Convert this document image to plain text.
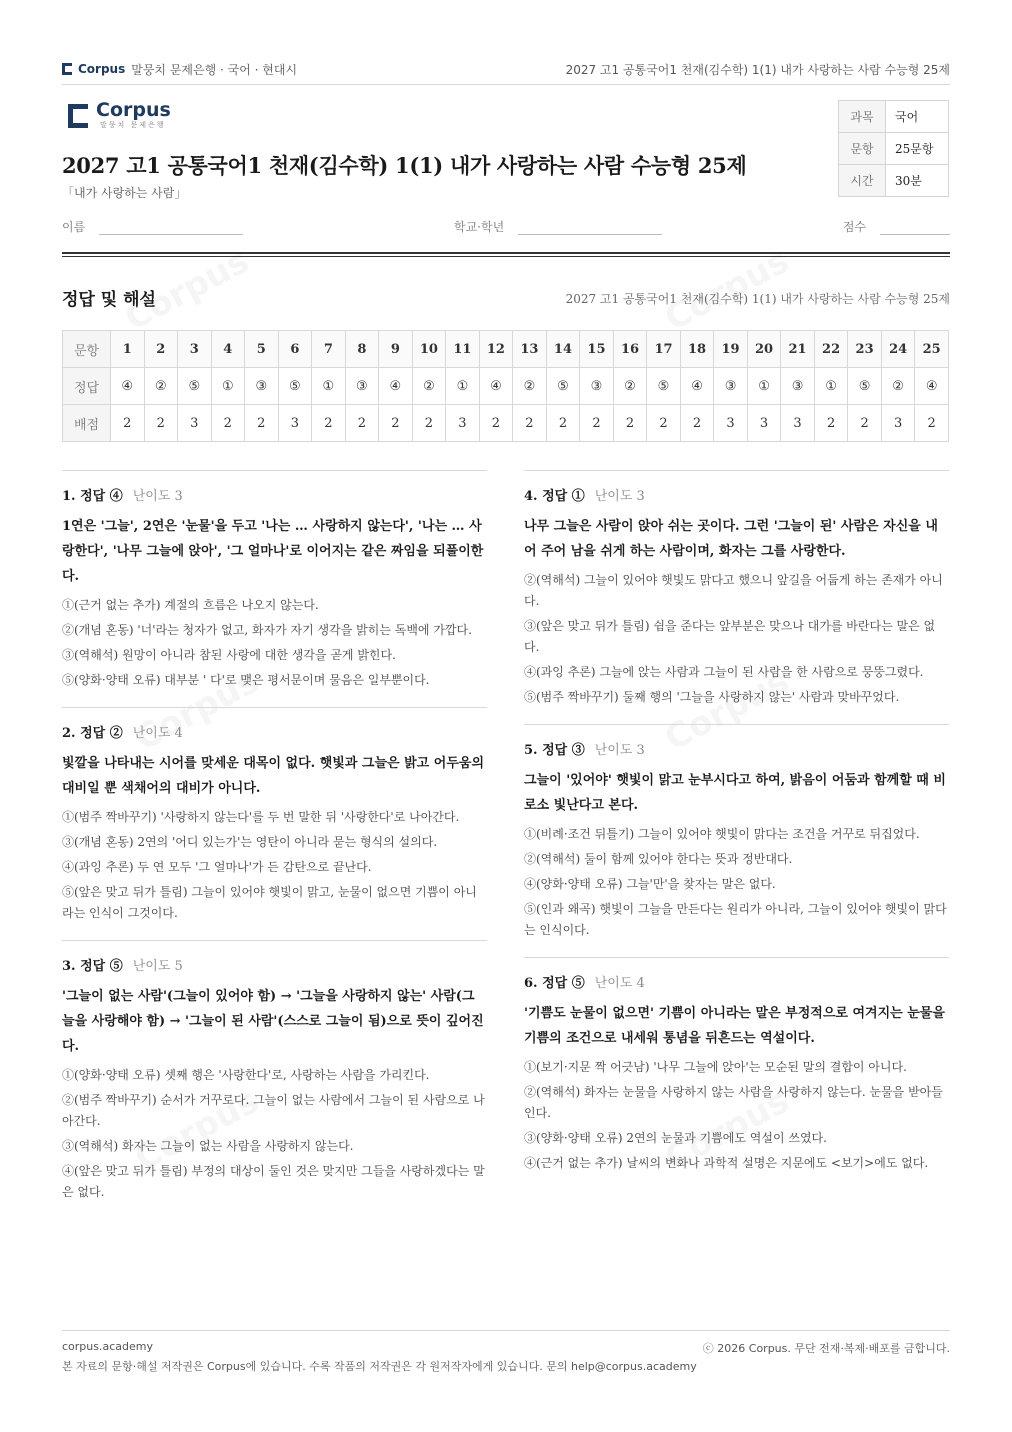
Corpus 말뭉치 문제은행 · 국어 · 현대시	2027 고1 공통국어1 천재(김수학) 1(1) 내가 사랑하는 사람 수능형 25제
Corpus
말뭉치 문제은행
2027 고1 공통국어1 천재(김수학) 1(1) 내가 사랑하는 사람 수능형 25제
「내가 사랑하는 사람」
과목	국어
문항	25문항
시간	30분
이름	학교·학년	점수
정답 및 해설	2027 고1 공통국어1 천재(김수학) 1(1) 내가 사랑하는 사람 수능형 25제
문항	1	2	3	4	5	6	7	8	9	10	11	12	13	14	15	16	17	18	19	20	21	22	23	24	25
정답	④	②	⑤	①	③	⑤	①	③	④	②	①	④	②	⑤	③	②	⑤	④	③	①	③	①	⑤	②	④
배점	2	2	3	2	2	3	2	2	2	2	3	2	2	2	2	2	2	2	3	3	3	2	2	3	2
1. 정답 ④ 난이도 3
1연은 '그늘', 2연은 '눈물'을 두고 '나는 … 사랑하지 않는다', '나는 … 사랑한다', '나무 그늘에 앉아', '그 얼마나'로 이어지는 같은 짜임을 되풀이한다.
①(근거 없는 추가) 계절의 흐름은 나오지 않는다.
②(개념 혼동) '너'라는 청자가 없고, 화자가 자기 생각을 밝히는 독백에 가깝다.
③(역해석) 원망이 아니라 참된 사랑에 대한 생각을 곧게 밝힌다.
⑤(양화·양태 오류) 대부분 ' 다'로 맺은 평서문이며 물음은 일부뿐이다.
2. 정답 ② 난이도 4
빛깔을 나타내는 시어를 맞세운 대목이 없다. 햇빛과 그늘은 밝고 어두움의 대비일 뿐 색채어의 대비가 아니다.
①(범주 짝바꾸기) '사랑하지 않는다'를 두 번 말한 뒤 '사랑한다'로 나아간다.
③(개념 혼동) 2연의 '어디 있는가'는 영탄이 아니라 묻는 형식의 설의다.
④(과잉 추론) 두 연 모두 '그 얼마나'가 든 감탄으로 끝난다.
⑤(앞은 맞고 뒤가 틀림) 그늘이 있어야 햇빛이 맑고, 눈물이 없으면 기쁨이 아니라는 인식이 그것이다.
3. 정답 ⑤ 난이도 5
'그늘이 없는 사람'(그늘이 있어야 함) → '그늘을 사랑하지 않는' 사람(그늘을 사랑해야 함) → '그늘이 된 사람'(스스로 그늘이 됨)으로 뜻이 깊어진다.
①(양화·양태 오류) 셋째 행은 '사랑한다'로, 사랑하는 사람을 가리킨다.
②(범주 짝바꾸기) 순서가 거꾸로다. 그늘이 없는 사람에서 그늘이 된 사람으로 나아간다.
③(역해석) 화자는 그늘이 없는 사람을 사랑하지 않는다.
④(앞은 맞고 뒤가 틀림) 부정의 대상이 둘인 것은 맞지만 그들을 사랑하겠다는 말은 없다.
4. 정답 ① 난이도 3
나무 그늘은 사람이 앉아 쉬는 곳이다. 그런 '그늘이 된' 사람은 자신을 내어 주어 남을 쉬게 하는 사람이며, 화자는 그를 사랑한다.
②(역해석) 그늘이 있어야 햇빛도 맑다고 했으니 앞길을 어둡게 하는 존재가 아니다.
③(앞은 맞고 뒤가 틀림) 쉼을 준다는 앞부분은 맞으나 대가를 바란다는 말은 없다.
④(과잉 추론) 그늘에 앉는 사람과 그늘이 된 사람을 한 사람으로 뭉뚱그렸다.
⑤(범주 짝바꾸기) 둘째 행의 '그늘을 사랑하지 않는' 사람과 맞바꾸었다.
5. 정답 ③ 난이도 3
그늘이 '있어야' 햇빛이 맑고 눈부시다고 하여, 밝음이 어둠과 함께할 때 비로소 빛난다고 본다.
①(비례·조건 뒤틀기) 그늘이 있어야 햇빛이 맑다는 조건을 거꾸로 뒤집었다.
②(역해석) 둘이 함께 있어야 한다는 뜻과 정반대다.
④(양화·양태 오류) 그늘'만'을 찾자는 말은 없다.
⑤(인과 왜곡) 햇빛이 그늘을 만든다는 원리가 아니라, 그늘이 있어야 햇빛이 맑다는 인식이다.
6. 정답 ⑤ 난이도 4
'기쁨도 눈물이 없으면' 기쁨이 아니라는 말은 부정적으로 여겨지는 눈물을 기쁨의 조건으로 내세워 통념을 뒤흔드는 역설이다.
①(보기·지문 짝 어긋남) '나무 그늘에 앉아'는 모순된 말의 결합이 아니다.
②(역해석) 화자는 눈물을 사랑하지 않는 사람을 사랑하지 않는다. 눈물을 받아들인다.
③(양화·양태 오류) 2연의 눈물과 기쁨에도 역설이 쓰였다.
④(근거 없는 추가) 날씨의 변화나 과학적 설명은 지문에도 <보기>에도 없다.
corpus.academy
본 자료의 문항·해설 저작권은 Corpus에 있습니다. 수록 작품의 저작권은 각 원저작자에게 있습니다. 문의 help@corpus.academy
ⓒ 2026 Corpus. 무단 전재·복제·배포를 금합니다.
